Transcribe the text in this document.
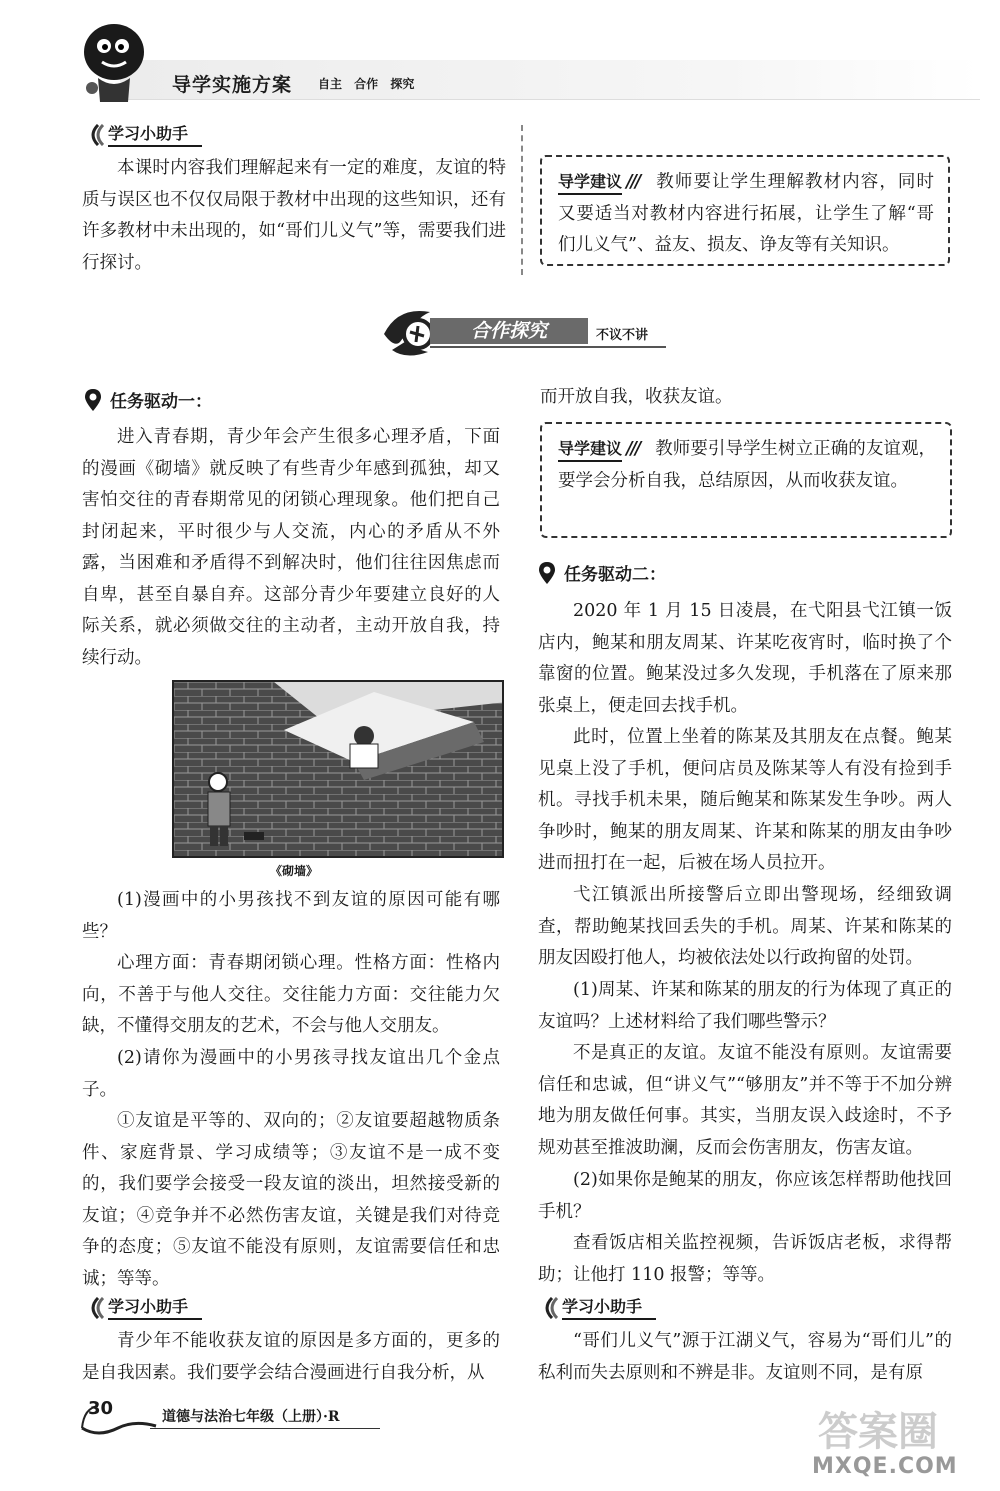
导学实施方案 自主 合作 探究
学习小助手
本课时内容我们理解起来有一定的难度，友谊的特质与误区也不仅仅局限于教材中出现的这些知识，还有许多教材中未出现的，如“哥们儿义气”等，需要我们进行探讨。
导学建议 /// 教师要让学生理解教材内容，同时又要适当对教材内容进行拓展，让学生了解“哥们儿义气”、益友、损友、诤友等有关知识。
合作探究	不议不讲
任务驱动一：
进入青春期，青少年会产生很多心理矛盾，下面的漫画《砌墙》就反映了有些青少年感到孤独，却又害怕交往的青春期常见的闭锁心理现象。他们把自己封闭起来，平时很少与人交流，内心的矛盾从不外露，当困难和矛盾得不到解决时，他们往往因焦虑而自卑，甚至自暴自弃。这部分青少年要建立良好的人际关系，就必须做交往的主动者，主动开放自我，持续行动。
《砌墙》
(1)漫画中的小男孩找不到友谊的原因可能有哪些？
心理方面：青春期闭锁心理。性格方面：性格内向，不善于与他人交往。交往能力方面：交往能力欠缺，不懂得交朋友的艺术，不会与他人交朋友。
(2)请你为漫画中的小男孩寻找友谊出几个金点子。
①友谊是平等的、双向的；②友谊要超越物质条件、家庭背景、学习成绩等；③友谊不是一成不变的，我们要学会接受一段友谊的淡出，坦然接受新的友谊；④竞争并不必然伤害友谊，关键是我们对待竞争的态度；⑤友谊不能没有原则，友谊需要信任和忠诚；等等。
学习小助手
青少年不能收获友谊的原因是多方面的，更多的是自我因素。我们要学会结合漫画进行自我分析，从
而开放自我，收获友谊。
导学建议 /// 教师要引导学生树立正确的友谊观，要学会分析自我，总结原因，从而收获友谊。
任务驱动二：
2020 年 1 月 15 日凌晨，在弋阳县弋江镇一饭店内，鲍某和朋友周某、许某吃夜宵时，临时换了个靠窗的位置。鲍某没过多久发现，手机落在了原来那张桌上，便走回去找手机。
此时，位置上坐着的陈某及其朋友在点餐。鲍某见桌上没了手机，便问店员及陈某等人有没有捡到手机。寻找手机未果，随后鲍某和陈某发生争吵。两人争吵时，鲍某的朋友周某、许某和陈某的朋友由争吵进而扭打在一起，后被在场人员拉开。
弋江镇派出所接警后立即出警现场，经细致调查，帮助鲍某找回丢失的手机。周某、许某和陈某的朋友因殴打他人，均被依法处以行政拘留的处罚。
(1)周某、许某和陈某的朋友的行为体现了真正的友谊吗？上述材料给了我们哪些警示？
不是真正的友谊。友谊不能没有原则。友谊需要信任和忠诚，但“讲义气”“够朋友”并不等于不加分辨地为朋友做任何事。其实，当朋友误入歧途时，不予规劝甚至推波助澜，反而会伤害朋友，伤害友谊。
(2)如果你是鲍某的朋友，你应该怎样帮助他找回手机？
查看饭店相关监控视频，告诉饭店老板，求得帮助；让他打 110 报警；等等。
学习小助手
“哥们儿义气”源于江湖义气，容易为“哥们儿”的私利而失去原则和不辨是非。友谊则不同，是有原
30	道德与法治七年级（上册）·R	答案圈
MXQE.COM
